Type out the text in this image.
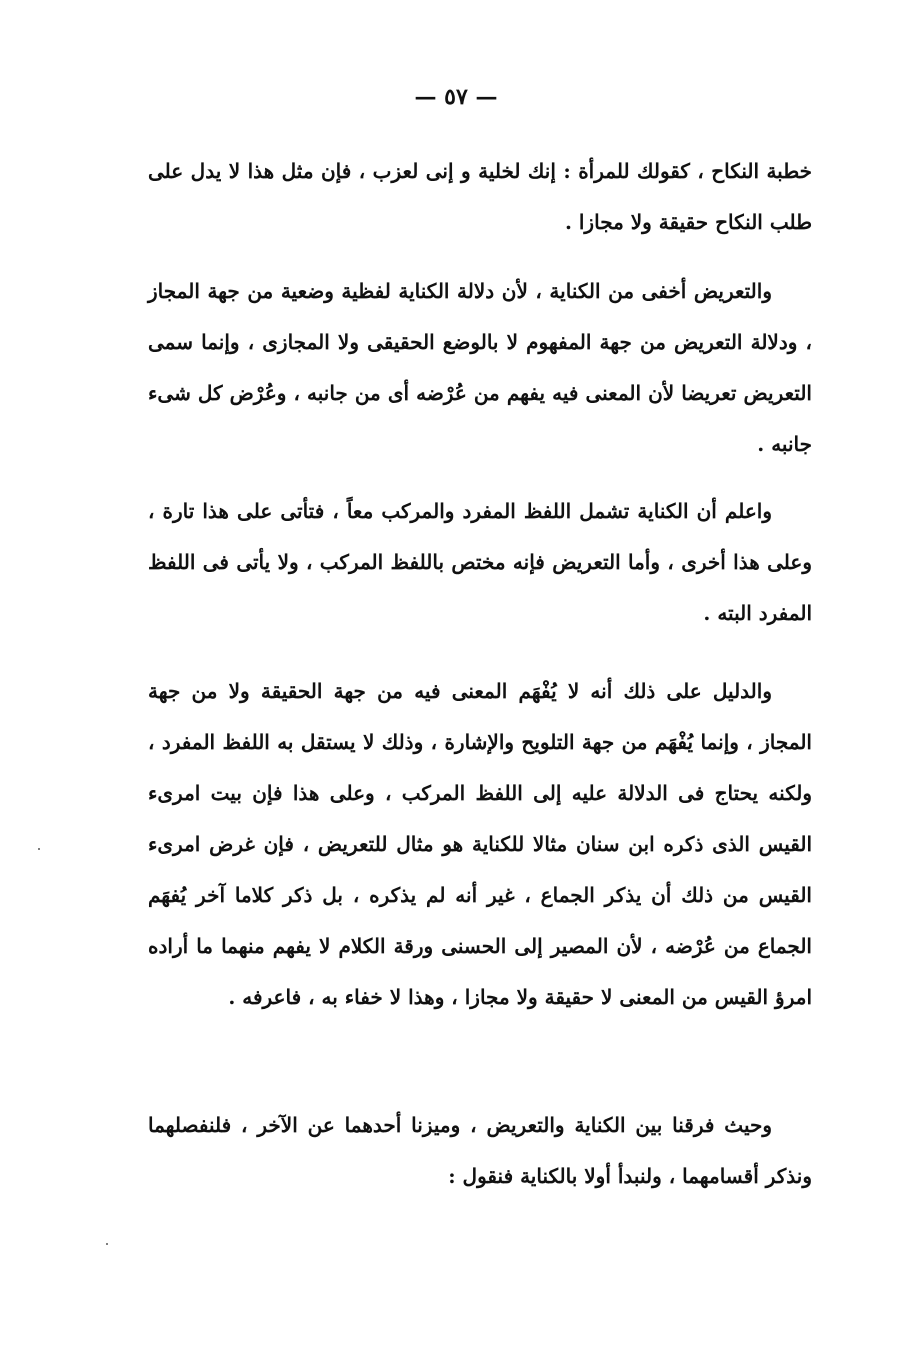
— ٥٧ —

خطبة النكاح ، كقولك للمرأة : إنك لخلية و إنى لعزب ، فإن مثل هذا لا يدل على طلب النكاح حقيقة ولا مجازا .

والتعريض أخفى من الكناية ، لأن دلالة الكناية لفظية وضعية من جهة المجاز ، ودلالة التعريض من جهة المفهوم لا بالوضع الحقيقى ولا المجازى ، وإنما سمى التعريض تعريضا لأن المعنى فيه يفهم من عُرْضه أى من جانبه ، وعُرْض كل شىء جانبه .

واعلم أن الكناية تشمل اللفظ المفرد والمركب معاً ، فتأتى على هذا تارة ، وعلى هذا أخرى ، وأما التعريض فإنه مختص باللفظ المركب ، ولا يأتى فى اللفظ المفرد البته .

والدليل على ذلك أنه لا يُفْهَم المعنى فيه من جهة الحقيقة ولا من جهة المجاز ، وإنما يُفْهَم من جهة التلويح والإشارة ، وذلك لا يستقل به اللفظ المفرد ، ولكنه يحتاج فى الدلالة عليه إلى اللفظ المركب ، وعلى هذا فإن بيت امرىء القيس الذى ذكره ابن سنان مثالا للكناية هو مثال للتعريض ، فإن غرض امرىء القيس من ذلك أن يذكر الجماع ، غير أنه لم يذكره ، بل ذكر كلاما آخر يُفهَم الجماع من عُرْضه ، لأن المصير إلى الحسنى ورقة الكلام لا يفهم منهما ما أراده امرؤ القيس من المعنى لا حقيقة ولا مجازا ، وهذا لا خفاء به ، فاعرفه .

وحيث فرقنا بين الكناية والتعريض ، وميزنا أحدهما عن الآخر ، فلنفصلهما ونذكر أقسامهما ، ولنبدأ أولا بالكناية فنقول :
